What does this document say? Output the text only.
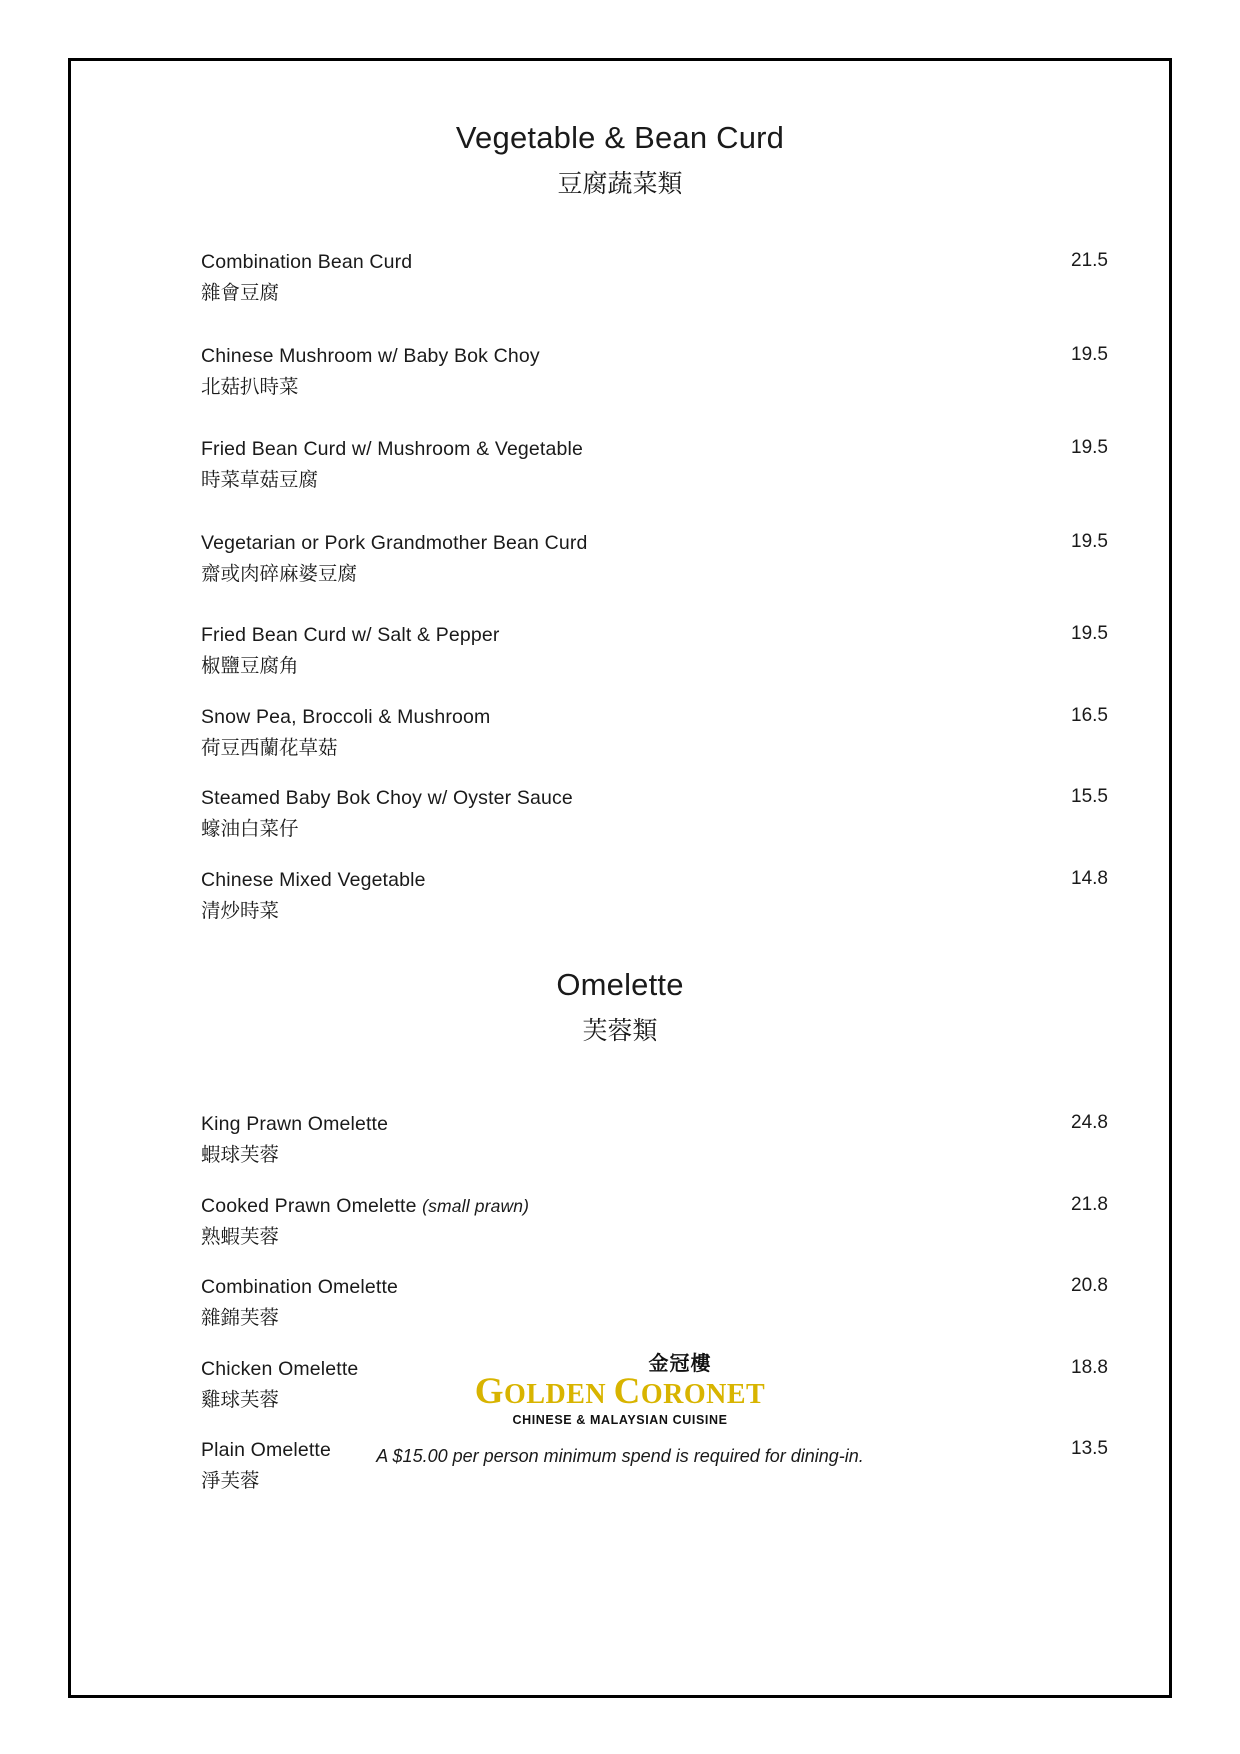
Vegetable & Bean Curd
豆腐蔬菜類
Combination Bean Curd
雜會豆腐
21.5
Chinese Mushroom w/ Baby Bok Choy
北菇扒時菜
19.5
Fried Bean Curd w/ Mushroom & Vegetable
時菜草菇豆腐
19.5
Vegetarian or Pork Grandmother Bean Curd
齋或肉碎麻婆豆腐
19.5
Fried Bean Curd w/ Salt & Pepper
椒鹽豆腐角
19.5
Snow Pea, Broccoli & Mushroom
荷豆西蘭花草菇
16.5
Steamed Baby Bok Choy w/ Oyster Sauce
蠔油白菜仔
15.5
Chinese Mixed Vegetable
清炒時菜
14.8
Omelette
芙蓉類
King Prawn Omelette
蝦球芙蓉
24.8
Cooked Prawn Omelette (small prawn)
熟蝦芙蓉
21.8
Combination Omelette
雜錦芙蓉
20.8
Chicken Omelette
雞球芙蓉
18.8
Plain Omelette
淨芙蓉
13.5
金冠樓
GOLDEN CORONET
CHINESE & MALAYSIAN CUISINE
A $15.00 per person minimum spend is required for dining-in.
